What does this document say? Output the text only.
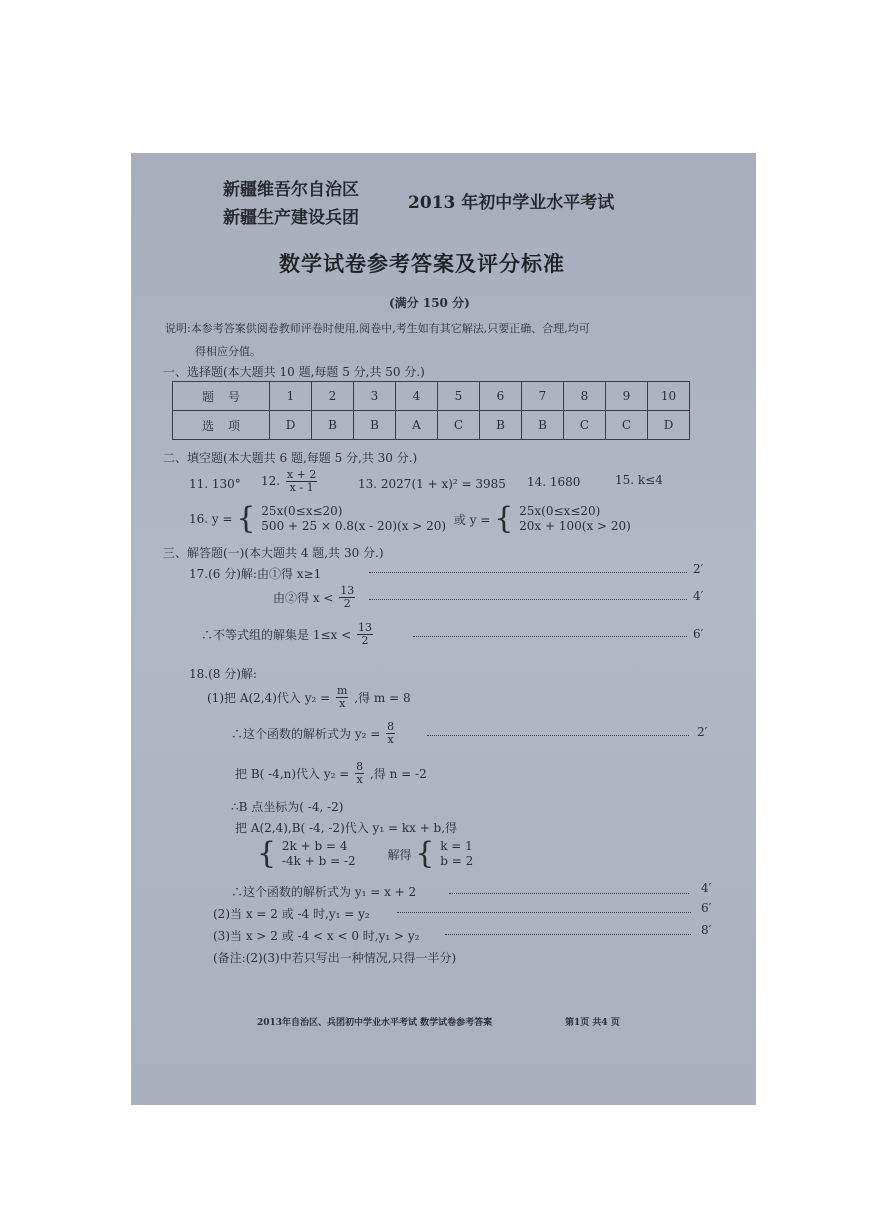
新疆维吾尔自治区
新疆生产建设兵团
2013 年初中学业水平考试
数学试卷参考答案及评分标准
(满分 150 分)
说明:本参考答案供阅卷教师评卷时使用,阅卷中,考生如有其它解法,只要正确、合理,均可
得相应分值。
一、选择题(本大题共 10 题,每题 5 分,共 50 分.)
题号	1	2	3	4	5	6	7	8	9	10
选项	D	B	B	A	C	B	B	C	C	D
二、填空题(本大题共 6 题,每题 5 分,共 30 分.)
11. 130° 12. $\frac{x + 2}{x - 1}$	13. 2027(1 + x)² = 3985 14. 1680	15. k≤4
16. y = { 25x(0≤x≤20)
500 + 25 × 0.8(x - 20)(x > 20) 或 y = { 25x(0≤x≤20)
20x + 100(x > 20)
三、解答题(一)(本大题共 4 题,共 30 分.)
17.(6 分)解:由①得 x≥1	2′
由②得 $x < \frac{13}{2}$	4′
∴不等式组的解集是 $1\le x < \frac{13}{2}$	6′
18.(8 分)解:
(1)把 A(2,4)代入 $y_2 = \frac{m}{x}$ ,得 m = 8
∴这个函数的解析式为 $y_2 = \frac{8}{x}$	2′
把 B( -4,n)代入 $y_2 = \frac{8}{x}$ ,得 n = -2
∴B 点坐标为( -4, -2)
把 A(2,4),B( -4, -2)代入 y₁ = kx + b,得
{ 2k + b = 4
-4k + b = -2	解得 { k = 1
b = 2
∴这个函数的解析式为 y₁ = x + 2	4′
(2)当 x = 2 或 -4 时,y₁ = y₂	6′
(3)当 x > 2 或 -4 < x < 0 时,y₁ > y₂	8′
(备注:(2)(3)中若只写出一种情况,只得一半分)
2013年自治区、兵团初中学业水平考试 数学试卷参考答案	第1页 共4 页
